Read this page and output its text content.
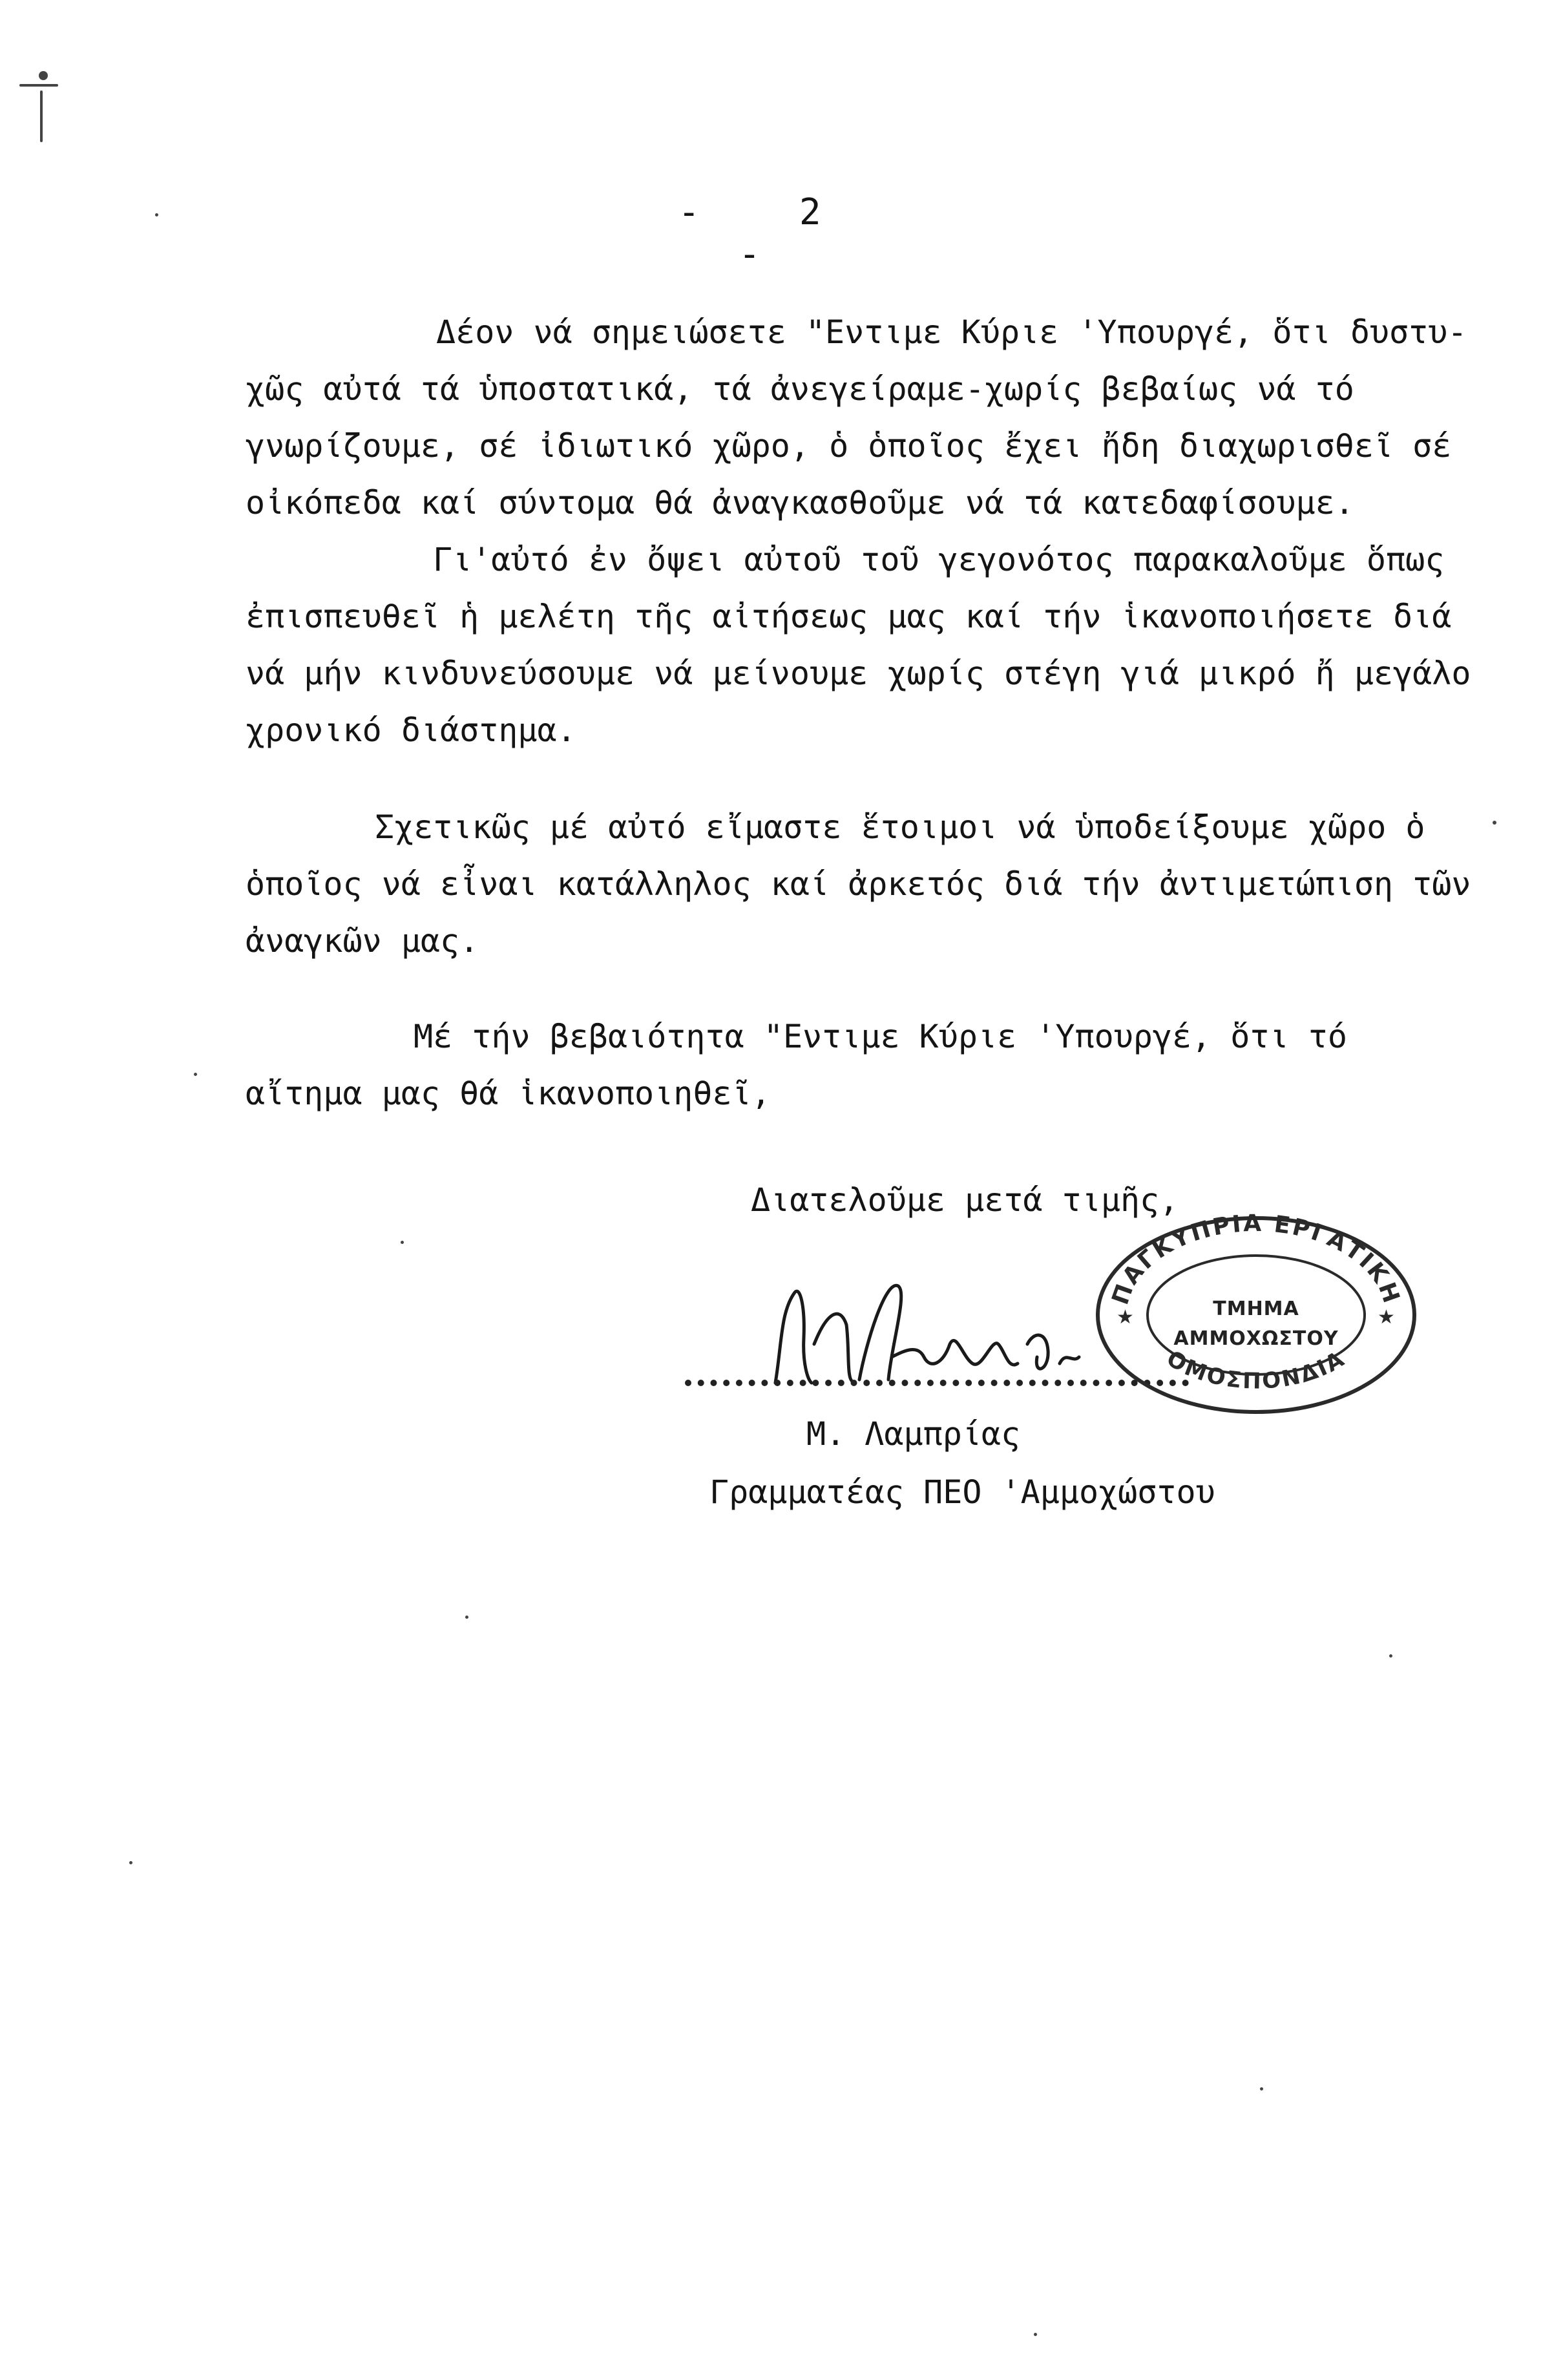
- 2 -

Δέον νά σημειώσετε "Εντιμε Κύριε 'Υπουργέ, ὅτι δυστυ-χῶς αὐτά τά ὑποστατικά, τά ἀνεγείραμε-χωρίς βεβαίως νά τό γνωρίζουμε, σέ ἰδιωτικό χῶρο, ὁ ὁποῖος ἔχει ἤδη διαχωρισθεῖ σέ οἰκόπεδα καί σύντομα θά ἀναγκασθοῦμε νά τά κατεδαφίσουμε.

Γι'αὐτό ἐν ὄψει αὐτοῦ τοῦ γεγονότος παρακαλοῦμε ὅπως ἐπισπευθεῖ ἡ μελέτη τῆς αἰτήσεως μας καί τήν ἱκανοποιήσετε διά νά μήν κινδυνεύσουμε νά μείνουμε χωρίς στέγη γιά μικρό ἤ μεγάλο χρονικό διάστημα.

Σχετικῶς μέ αὐτό εἴμαστε ἕτοιμοι νά ὑποδείξουμε χῶρο ὁ ὁποῖος νά εἶναι κατάλληλος καί ἀρκετός διά τήν ἀντιμετώπιση τῶν ἀναγκῶν μας.

Μέ τήν βεβαιότητα "Εντιμε Κύριε 'Υπουργέ, ὅτι τό αἴτημα μας θά ἱκανοποιηθεῖ,

Διατελοῦμε μετά τιμῆς,
ΠΑΓΚΥΠΡΙΑ ΕΡΓΑΤΙΚΗ
ΟΜΟΣΠΟΝΔΙΑ
★	★
ΤΜΗΜΑ
ΑΜΜΟΧΩΣΤΟΥ
Μ. Λαμπρίας
Γραμματέας ΠΕΟ 'Αμμοχώστου
